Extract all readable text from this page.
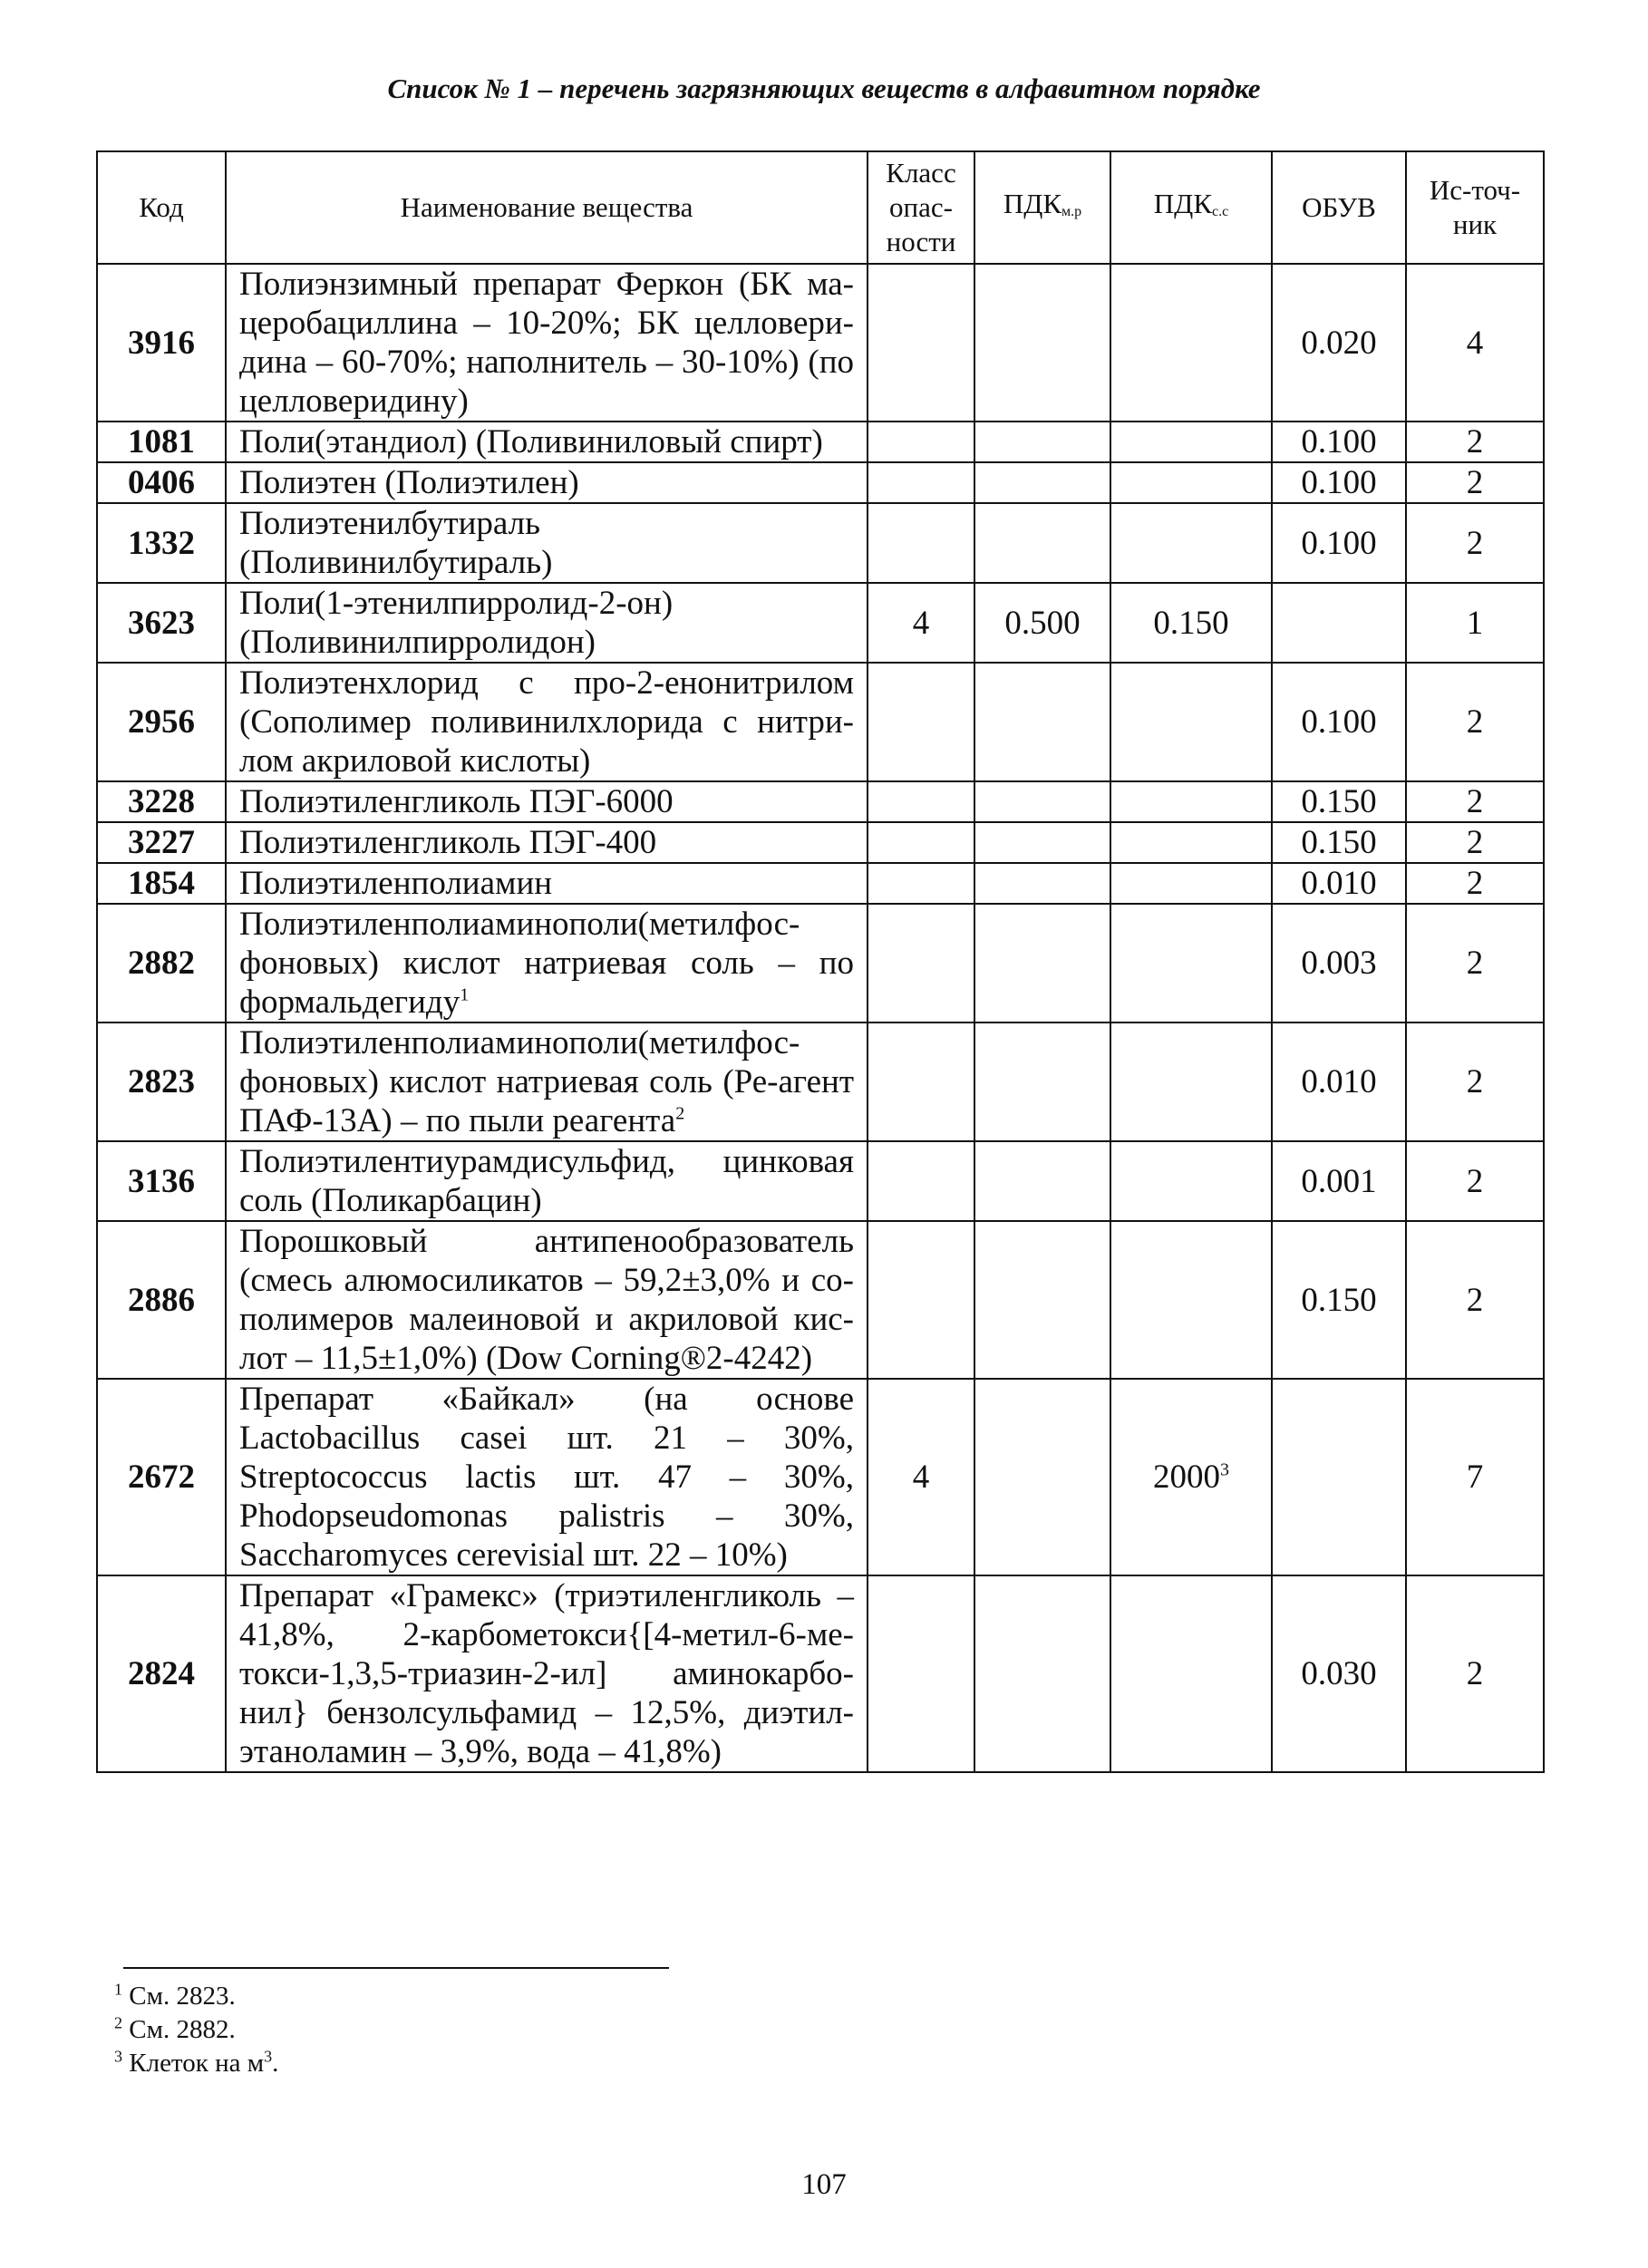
Список № 1 – перечень загрязняющих веществ в алфавитном порядке
Код	Наименование вещества	Класс опас-ности	ПДКм.р	ПДКс.с	ОБУВ	Ис-точ-ник
3916	Полиэнзимный препарат Феркон (БК ма-церобациллина – 10-20%; БК целловери-дина – 60-70%; наполнитель – 30-10%) (по целловеридину)				0.020	4
1081	Поли(этандиол) (Поливиниловый спирт)				0.100	2
0406	Полиэтен (Полиэтилен)				0.100	2
1332	Полиэтенилбутираль (Поливинилбутираль)				0.100	2
3623	Поли(1-этенилпирролид-2-он) (Поливинилпирролидон)	4	0.500	0.150		1
2956	Полиэтенхлорид с про-2-енонитрилом (Сополимер поливинилхлорида с нитри-лом акриловой кислоты)				0.100	2
3228	Полиэтиленгликоль ПЭГ-6000				0.150	2
3227	Полиэтиленгликоль ПЭГ-400				0.150	2
1854	Полиэтиленполиамин				0.010	2
2882	Полиэтиленполиаминополи(метилфос-фоновых) кислот натриевая соль – по формальдегиду$^1$				0.003	2
2823	Полиэтиленполиаминополи(метилфос-фоновых) кислот натриевая соль (Ре-агент ПАФ-13А) – по пыли реагента$^2$				0.010	2
3136	Полиэтилентиурамдисульфид, цинковая соль (Поликарбацин)				0.001	2
2886	Порошковый антипенообразователь (смесь алюмосиликатов – 59,2±3,0% и со-полимеров малеиновой и акриловой кис-лот – 11,5±1,0%) (Dow Corning®2-4242)				0.150	2
2672	Препарат «Байкал» (на основе Lactobacillus casei шт. 21 – 30%, Streptococcus lactis шт. 47 – 30%, Phodopseudomonas palistris – 30%, Saccharomyces cerevisial шт. 22 – 10%)	4		2000$^3$		7
2824	Препарат «Грамекс» (триэтиленгликоль – 41,8%, 2-карбометокси{[4-метил-6-ме-токси-1,3,5-триазин-2-ил] аминокарбо-нил} бензолсульфамид – 12,5%, диэтил-этаноламин – 3,9%, вода – 41,8%)				0.030	2
$^1$ См. 2823.
$^2$ См. 2882.
$^3$ Клеток на $м^3$.
107
